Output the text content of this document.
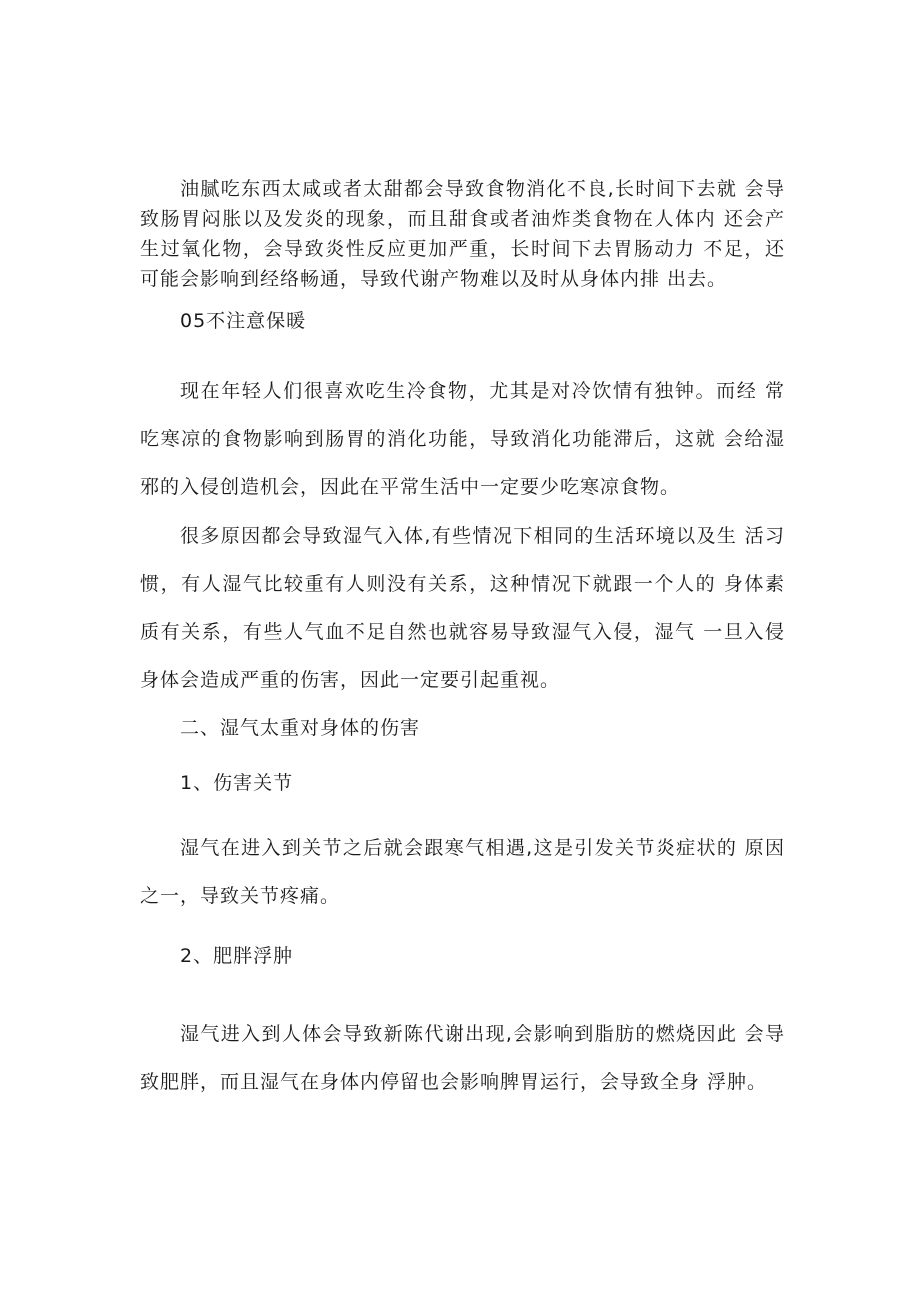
油腻吃东西太咸或者太甜都会导致食物消化不良,长时间下去就 会导致肠胃闷胀以及发炎的现象，而且甜食或者油炸类食物在人体内 还会产生过氧化物，会导致炎性反应更加严重，长时间下去胃肠动力 不足，还可能会影响到经络畅通，导致代谢产物难以及时从身体内排 出去。

05不注意保暖

现在年轻人们很喜欢吃生冷食物，尤其是对冷饮情有独钟。而经 常吃寒凉的食物影响到肠胃的消化功能，导致消化功能滞后，这就 会给湿邪的入侵创造机会，因此在平常生活中一定要少吃寒凉食物。

很多原因都会导致湿气入体,有些情况下相同的生活环境以及生 活习惯，有人湿气比较重有人则没有关系，这种情况下就跟一个人的 身体素质有关系，有些人气血不足自然也就容易导致湿气入侵，湿气 一旦入侵身体会造成严重的伤害，因此一定要引起重视。

二、湿气太重对身体的伤害

1、伤害关节

湿气在进入到关节之后就会跟寒气相遇,这是引发关节炎症状的 原因之一，导致关节疼痛。

2、肥胖浮肿

湿气进入到人体会导致新陈代谢出现,会影响到脂肪的燃烧因此 会导致肥胖，而且湿气在身体内停留也会影响脾胃运行，会导致全身 浮肿。
